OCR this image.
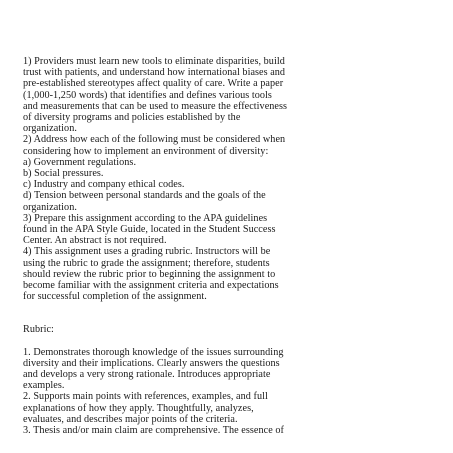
1) Providers must learn new tools to eliminate disparities, build
trust with patients, and understand how international biases and
pre-established stereotypes affect quality of care. Write a paper
(1,000-1,250 words) that identifies and defines various tools
and measurements that can be used to measure the effectiveness
of diversity programs and policies established by the
organization.
2) Address how each of the following must be considered when
considering how to implement an environment of diversity:
a) Government regulations.
b) Social pressures.
c) Industry and company ethical codes.
d) Tension between personal standards and the goals of the
organization.
3) Prepare this assignment according to the APA guidelines
found in the APA Style Guide, located in the Student Success
Center. An abstract is not required.
4) This assignment uses a grading rubric. Instructors will be
using the rubric to grade the assignment; therefore, students
should review the rubric prior to beginning the assignment to
become familiar with the assignment criteria and expectations
for successful completion of the assignment.
Rubric:
1. Demonstrates thorough knowledge of the issues surrounding
diversity and their implications. Clearly answers the questions
and develops a very strong rationale. Introduces appropriate
examples.
2. Supports main points with references, examples, and full
explanations of how they apply. Thoughtfully, analyzes,
evaluates, and describes major points of the criteria.
3. Thesis and/or main claim are comprehensive. The essence of
